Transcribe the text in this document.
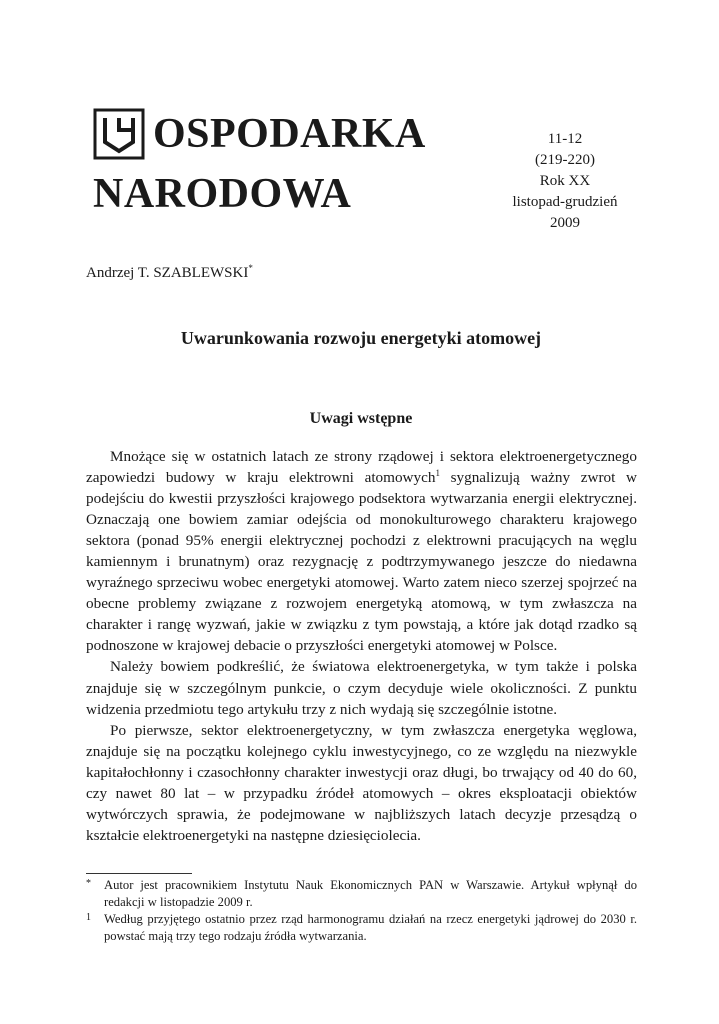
OSPODARKA
NARODOWA
11-12
(219-220)
Rok XX
listopad-grudzień
2009
Andrzej T. SZABLEWSKI*
Uwarunkowania rozwoju energetyki atomowej
Uwagi wstępne

Mnożące się w ostatnich latach ze strony rządowej i sektora elektroenergetycznego zapowiedzi budowy w kraju elektrowni atomowych$^1$ sygnalizują ważny zwrot w podejściu do kwestii przyszłości krajowego podsektora wytwarzania energii elektrycznej. Oznaczają one bowiem zamiar odejścia od monokulturowego charakteru krajowego sektora (ponad 95% energii elektrycznej pochodzi z elektrowni pracujących na węglu kamiennym i brunatnym) oraz rezygnację z podtrzymywanego jeszcze do niedawna wyraźnego sprzeciwu wobec energetyki atomowej. Warto zatem nieco szerzej spojrzeć na obecne problemy związane z rozwojem energetyką atomową, w tym zwłaszcza na charakter i rangę wyzwań, jakie w związku z tym powstają, a które jak dotąd rzadko są podnoszone w krajowej debacie o przyszłości energetyki atomowej w Polsce.

Należy bowiem podkreślić, że światowa elektroenergetyka, w tym także i polska znajduje się w szczególnym punkcie, o czym decyduje wiele okoliczności. Z punktu widzenia przedmiotu tego artykułu trzy z nich wydają się szczególnie istotne.

Po pierwsze, sektor elektroenergetyczny, w tym zwłaszcza energetyka węglowa, znajduje się na początku kolejnego cyklu inwestycyjnego, co ze względu na niezwykle kapitałochłonny i czasochłonny charakter inwestycji oraz długi, bo trwający od 40 do 60, czy nawet 80 lat – w przypadku źródeł atomowych – okres eksploatacji obiektów wytwórczych sprawia, że podejmowane w najbliższych latach decyzje przesądzą o kształcie elektroenergetyki na następne dziesięciolecia.

* Autor jest pracownikiem Instytutu Nauk Ekonomicznych PAN w Warszawie. Artykuł wpłynął do redakcji w listopadzie 2009 r.
1 Według przyjętego ostatnio przez rząd harmonogramu działań na rzecz energetyki jądrowej do 2030 r. powstać mają trzy tego rodzaju źródła wytwarzania.
